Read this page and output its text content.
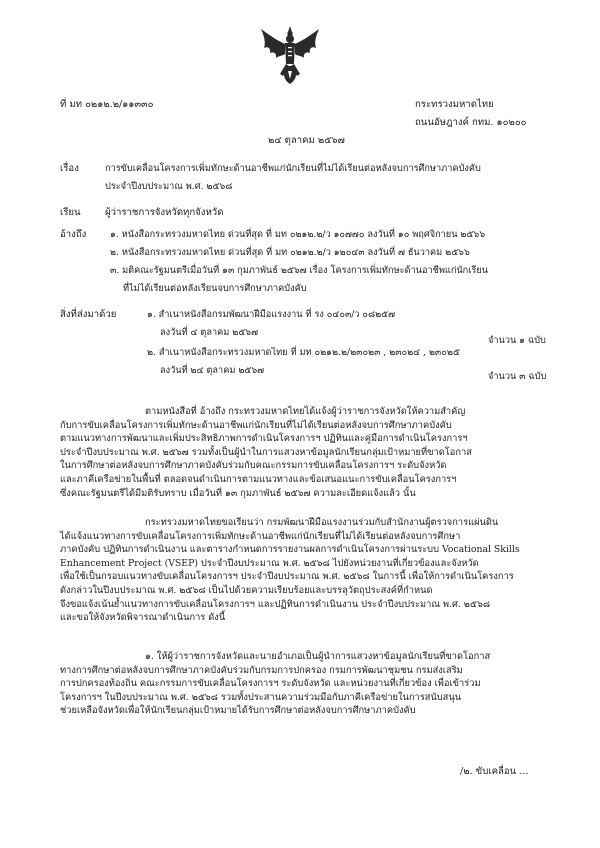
ที่ มท ๐๒๑๒.๒/๑๑๓๓๐	กระทรวงมหาดไทย
ถนนอัษฎางค์ กทม. ๑๐๒๐๐
๒๔ ตุลาคม ๒๕๖๗
เรื่อง	การขับเคลื่อนโครงการเพิ่มทักษะด้านอาชีพแก่นักเรียนที่ไม่ได้เรียนต่อหลังจบการศึกษาภาคบังคับ
ประจำปีงบประมาณ พ.ศ. ๒๕๖๘
เรียน	ผู้ว่าราชการจังหวัดทุกจังหวัด
อ้างถึง	๑. หนังสือกระทรวงมหาดไทย ด่วนที่สุด ที่ มท ๐๒๑๒.๒/ว ๑๐๗๗๐ ลงวันที่ ๑๐ พฤศจิกายน ๒๕๖๖
๒. หนังสือกระทรวงมหาดไทย ด่วนที่สุด ที่ มท ๐๒๑๒.๒/ว ๑๒๐๔๓ ลงวันที่ ๗ ธันวาคม ๒๕๖๖
๓. มติคณะรัฐมนตรีเมื่อวันที่ ๑๓ กุมภาพันธ์ ๒๕๖๗ เรื่อง โครงการเพิ่มทักษะด้านอาชีพแก่นักเรียน
ที่ไม่ได้เรียนต่อหลังเรียนจบการศึกษาภาคบังคับ
สิ่งที่ส่งมาด้วย	๑. สำเนาหนังสือกรมพัฒนาฝีมือแรงงาน ที่ รง ๐๔๐๓/ว ๐๘๒๕๗
ลงวันที่ ๔ ตุลาคม ๒๕๖๗
จำนวน ๑ ฉบับ
๒. สำเนาหนังสือกระทรวงมหาดไทย ที่ มท ๐๒๑๒.๒/๒๓๐๒๓ , ๒๓๐๒๔ , ๒๓๐๒๕
ลงวันที่ ๒๔ ตุลาคม ๒๕๖๗
จำนวน ๓ ฉบับ
ตามหนังสือที่ อ้างถึง กระทรวงมหาดไทยได้แจ้งผู้ว่าราชการจังหวัดให้ความสำคัญ
กับการขับเคลื่อนโครงการเพิ่มทักษะด้านอาชีพแก่นักเรียนที่ไม่ได้เรียนต่อหลังจบการศึกษาภาคบังคับ
ตามแนวทางการพัฒนาและเพิ่มประสิทธิภาพการดำเนินโครงการฯ ปฏิทินและคู่มือการดำเนินโครงการฯ
ประจำปีงบประมาณ พ.ศ. ๒๕๖๗ รวมทั้งเป็นผู้นำในการแสวงหาข้อมูลนักเรียนกลุ่มเป้าหมายที่ขาดโอกาส
ในการศึกษาต่อหลังจบการศึกษาภาคบังคับร่วมกับคณะกรรมการขับเคลื่อนโครงการฯ ระดับจังหวัด
และภาคีเครือข่ายในพื้นที่ ตลอดจนดำเนินการตามแนวทางและข้อเสนอแนะการขับเคลื่อนโครงการฯ
ซึ่งคณะรัฐมนตรีได้มีมติรับทราบ เมื่อวันที่ ๑๓ กุมภาพันธ์ ๒๕๖๗ ความละเอียดแจ้งแล้ว นั้น
กระทรวงมหาดไทยขอเรียนว่า กรมพัฒนาฝีมือแรงงานร่วมกับสำนักงานผู้ตรวจการแผ่นดิน
ได้แจ้งแนวทางการขับเคลื่อนโครงการเพิ่มทักษะด้านอาชีพแก่นักเรียนที่ไม่ได้เรียนต่อหลังจบการศึกษา
ภาคบังคับ ปฏิทินการดำเนินงาน และตารางกำหนดการรายงานผลการดำเนินโครงการผ่านระบบ Vocational Skills
Enhancement Project (VSEP) ประจำปีงบประมาณ พ.ศ. ๒๕๖๘ ไปยังหน่วยงานที่เกี่ยวข้องและจังหวัด
เพื่อใช้เป็นกรอบแนวทางขับเคลื่อนโครงการฯ ประจำปีงบประมาณ พ.ศ. ๒๕๖๘ ในการนี้ เพื่อให้การดำเนินโครงการ
ดังกล่าวในปีงบประมาณ พ.ศ. ๒๕๖๘ เป็นไปด้วยความเรียบร้อยและบรรลุวัตถุประสงค์ที่กำหนด
จึงขอแจ้งเน้นย้ำแนวทางการขับเคลื่อนโครงการฯ และปฏิทินการดำเนินงาน ประจำปีงบประมาณ พ.ศ. ๒๕๖๘
และขอให้จังหวัดพิจารณาดำเนินการ ดังนี้
๑. ให้ผู้ว่าราชการจังหวัดและนายอำเภอเป็นผู้นำการแสวงหาข้อมูลนักเรียนที่ขาดโอกาส
ทางการศึกษาต่อหลังจบการศึกษาภาคบังคับร่วมกับกรมการปกครอง กรมการพัฒนาชุมชน กรมส่งเสริม
การปกครองท้องถิ่น คณะกรรมการขับเคลื่อนโครงการฯ ระดับจังหวัด และหน่วยงานที่เกี่ยวข้อง เพื่อเข้าร่วม
โครงการฯ ในปีงบประมาณ พ.ศ. ๒๕๖๘ รวมทั้งประสานความร่วมมือกับภาคีเครือข่ายในการสนับสนุน
ช่วยเหลือจังหวัดเพื่อให้นักเรียนกลุ่มเป้าหมายได้รับการศึกษาต่อหลังจบการศึกษาภาคบังคับ
/๒. ขับเคลื่อน ...
